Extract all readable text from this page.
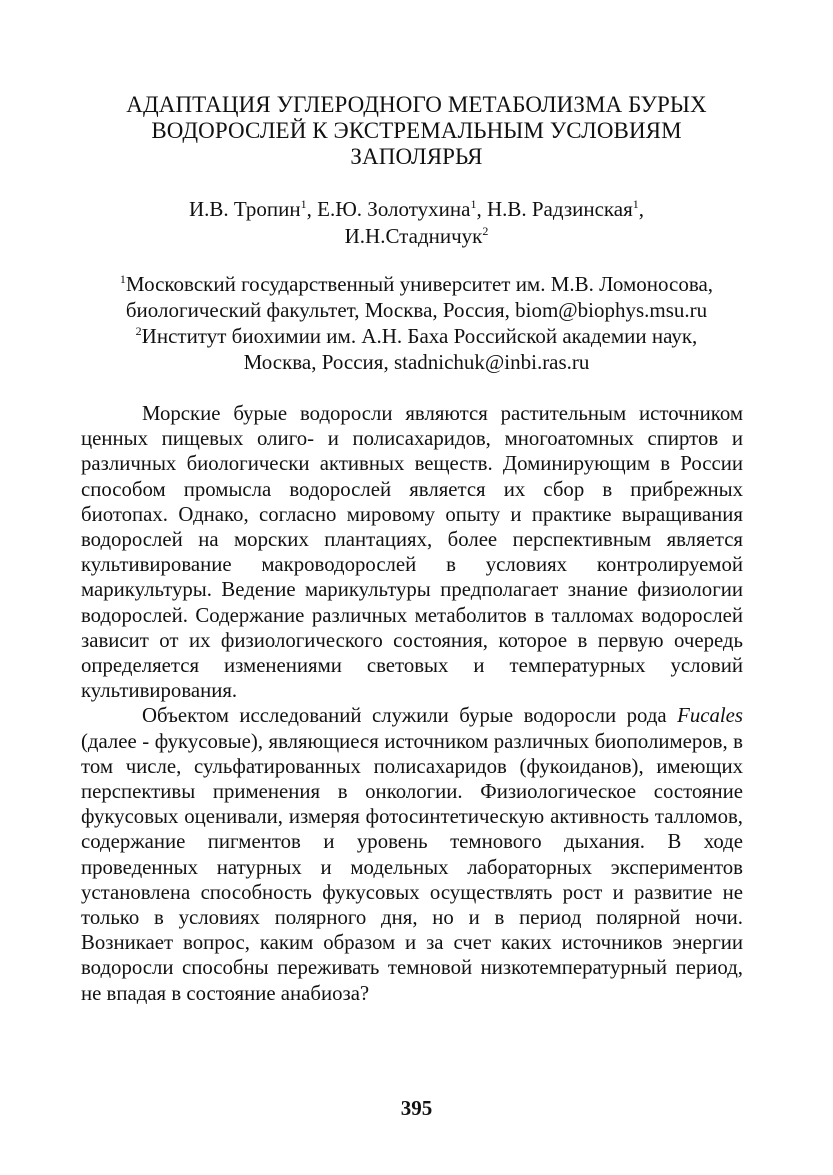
АДАПТАЦИЯ УГЛЕРОДНОГО МЕТАБОЛИЗМА БУРЫХ
ВОДОРОСЛЕЙ К ЭКСТРЕМАЛЬНЫМ УСЛОВИЯМ
ЗАПОЛЯРЬЯ
И.В. Тропин$^1$, Е.Ю. Золотухина$^1$, Н.В. Радзинская$^1$,
И.Н.Стадничук$^2$
$^1$Московский государственный университет им. М.В. Ломоносова,
биологический факультет, Москва, Россия, biom@biophys.msu.ru
$^2$Институт биохимии им. А.Н. Баха Российской академии наук,
Москва, Россия, stadnichuk@inbi.ras.ru

Морские бурые водоросли являются растительным источником ценных пищевых олиго- и полисахаридов, многоатомных спиртов и различных биологически активных веществ. Доминирующим в России способом промысла водорослей является их сбор в прибрежных биотопах. Однако, согласно мировому опыту и практике выращивания водорослей на морских плантациях, более перспективным является культивирование макроводорослей в условиях контролируемой марикультуры. Ведение марикультуры предполагает знание физиологии водорослей. Содержание различных метаболитов в талломах водорослей зависит от их физиологического состояния, которое в первую очередь определяется изменениями световых и температурных условий культивирования.

Объектом исследований служили бурые водоросли рода Fucales (далее - фукусовые), являющиеся источником различных биополимеров, в том числе, сульфатированных полисахаридов (фукоиданов), имеющих перспективы применения в онкологии. Физиологическое состояние фукусовых оценивали, измеряя фотосинтетическую активность талломов, содержание пигментов и уровень темнового дыхания. В ходе проведенных натурных и модельных лабораторных экспериментов установлена способность фукусовых осуществлять рост и развитие не только в условиях полярного дня, но и в период полярной ночи. Возникает вопрос, каким образом и за счет каких источников энергии водоросли способны переживать темновой низкотемпературный период, не впадая в состояние анабиоза?

395
